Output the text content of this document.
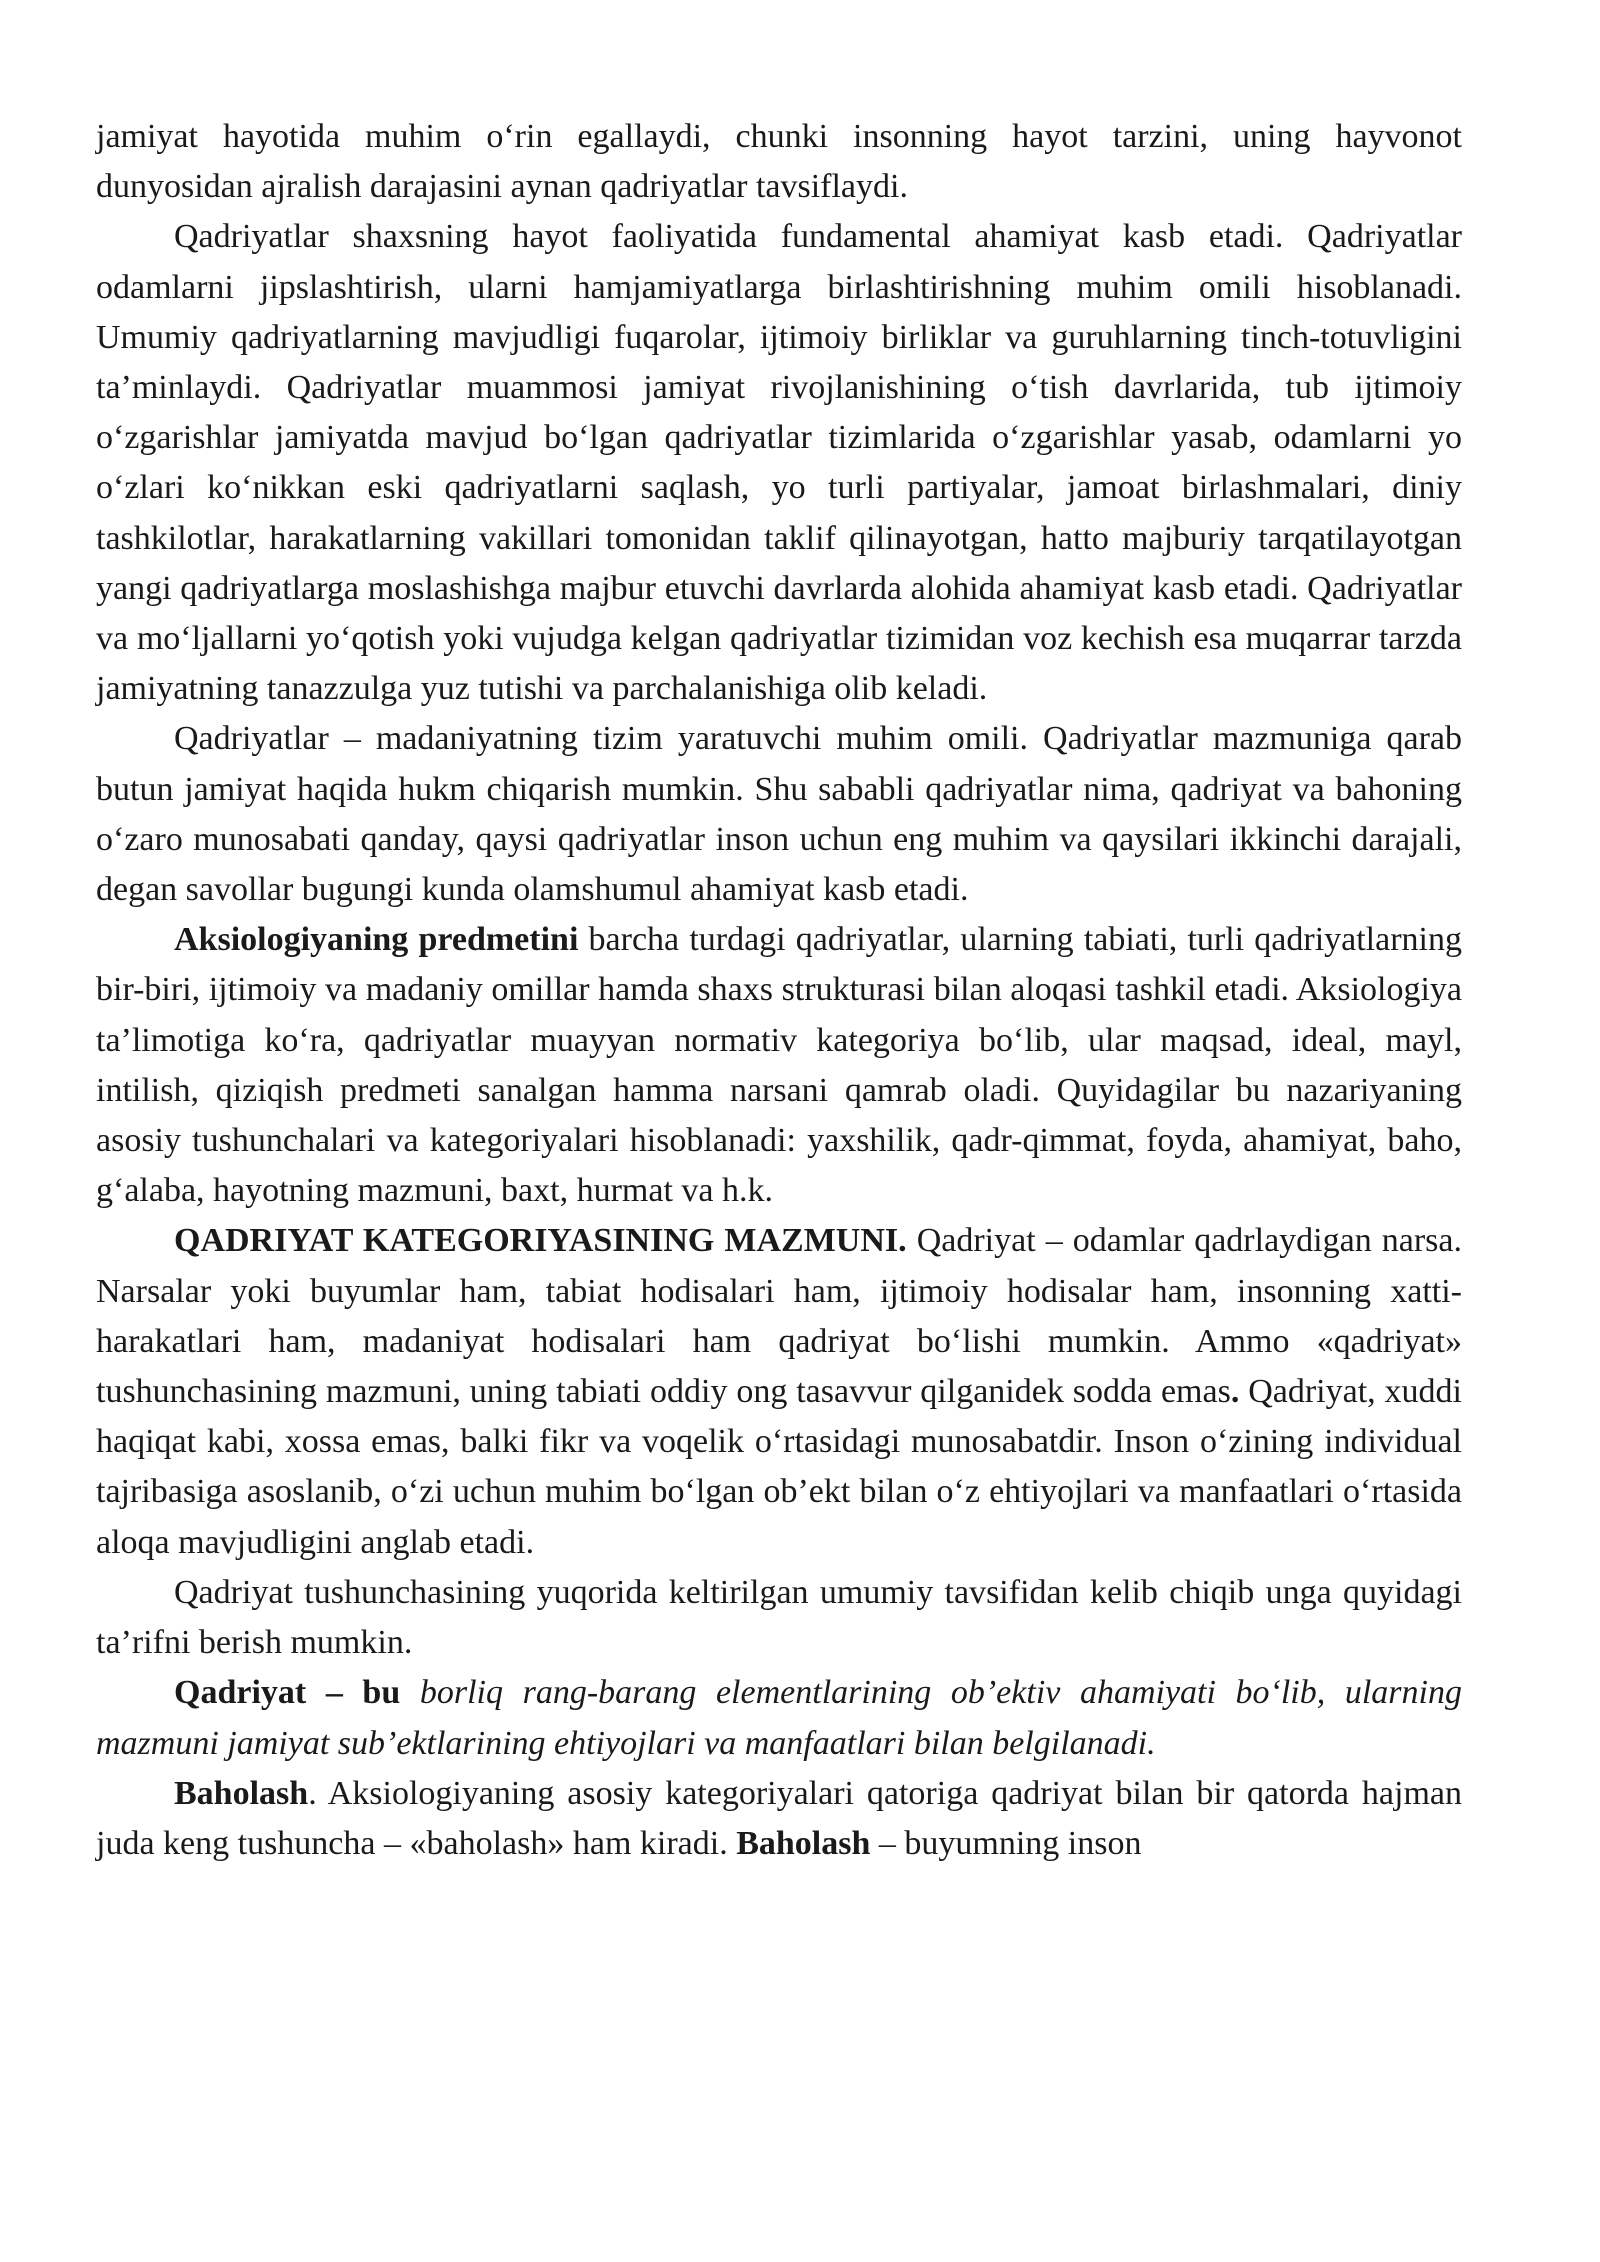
jamiyat hayotida muhim oʻrin egallaydi, chunki insonning hayot tarzini, uning hayvonot dunyosidan ajralish darajasini aynan qadriyatlar tavsiflaydi.

Qadriyatlar shaxsning hayot faoliyatida fundamental ahamiyat kasb etadi. Qadriyatlar odamlarni jipslashtirish, ularni hamjamiyatlarga birlashtirishning muhim omili hisoblanadi. Umumiy qadriyatlarning mavjudligi fuqarolar, ijtimoiy birliklar va guruhlarning tinch-totuvligini ta’minlaydi. Qadriyatlar muammosi jamiyat rivojlanishining oʻtish davrlarida, tub ijtimoiy oʻzgarishlar jamiyatda mavjud boʻlgan qadriyatlar tizimlarida oʻzgarishlar yasab, odamlarni yo oʻzlari koʻnikkan eski qadriyatlarni saqlash, yo turli partiyalar, jamoat birlashmalari, diniy tashkilotlar, harakatlarning vakillari tomonidan taklif qilinayotgan, hatto majburiy tarqatilayotgan yangi qadriyatlarga moslashishga majbur etuvchi davrlarda alohida ahamiyat kasb etadi. Qadriyatlar va moʻljallarni yoʻqotish yoki vujudga kelgan qadriyatlar tizimidan voz kechish esa muqarrar tarzda jamiyatning tanazzulga yuz tutishi va parchalanishiga olib keladi.

Qadriyatlar – madaniyatning tizim yaratuvchi muhim omili. Qadriyatlar mazmuniga qarab butun jamiyat haqida hukm chiqarish mumkin. Shu sababli qadriyatlar nima, qadriyat va bahoning oʻzaro munosabati qanday, qaysi qadriyatlar inson uchun eng muhim va qaysilari ikkinchi darajali, degan savollar bugungi kunda olamshumul ahamiyat kasb etadi.

Aksiologiyaning predmetini barcha turdagi qadriyatlar, ularning tabiati, turli qadriyatlarning bir-biri, ijtimoiy va madaniy omillar hamda shaxs strukturasi bilan aloqasi tashkil etadi. Aksiologiya ta’limotiga koʻra, qadriyatlar muayyan normativ kategoriya boʻlib, ular maqsad, ideal, mayl, intilish, qiziqish predmeti sanalgan hamma narsani qamrab oladi. Quyidagilar bu nazariyaning asosiy tushunchalari va kategoriyalari hisoblanadi: yaxshilik, qadr-qimmat, foyda, ahamiyat, baho, gʻalaba, hayotning mazmuni, baxt, hurmat va h.k.

QADRIYAT KATEGORIYASINING MAZMUNI. Qadriyat – odamlar qadrlaydigan narsa. Narsalar yoki buyumlar ham, tabiat hodisalari ham, ijtimoiy hodisalar ham, insonning xatti-harakatlari ham, madaniyat hodisalari ham qadriyat boʻlishi mumkin. Ammo «qadriyat» tushunchasining mazmuni, uning tabiati oddiy ong tasavvur qilganidek sodda emas. Qadriyat, xuddi haqiqat kabi, xossa emas, balki fikr va voqelik oʻrtasidagi munosabatdir. Inson oʻzining individual tajribasiga asoslanib, oʻzi uchun muhim boʻlgan ob’ekt bilan oʻz ehtiyojlari va manfaatlari oʻrtasida aloqa mavjudligini anglab etadi.

Qadriyat tushunchasining yuqorida keltirilgan umumiy tavsifidan kelib chiqib unga quyidagi ta’rifni berish mumkin.

Qadriyat – bu borliq rang-barang elementlarining ob’ektiv ahamiyati boʻlib, ularning mazmuni jamiyat sub’ektlarining ehtiyojlari va manfaatlari bilan belgilanadi.

Baholash. Aksiologiyaning asosiy kategoriyalari qatoriga qadriyat bilan bir qatorda hajman juda keng tushuncha – «baholash» ham kiradi. Baholash – buyumning inson
